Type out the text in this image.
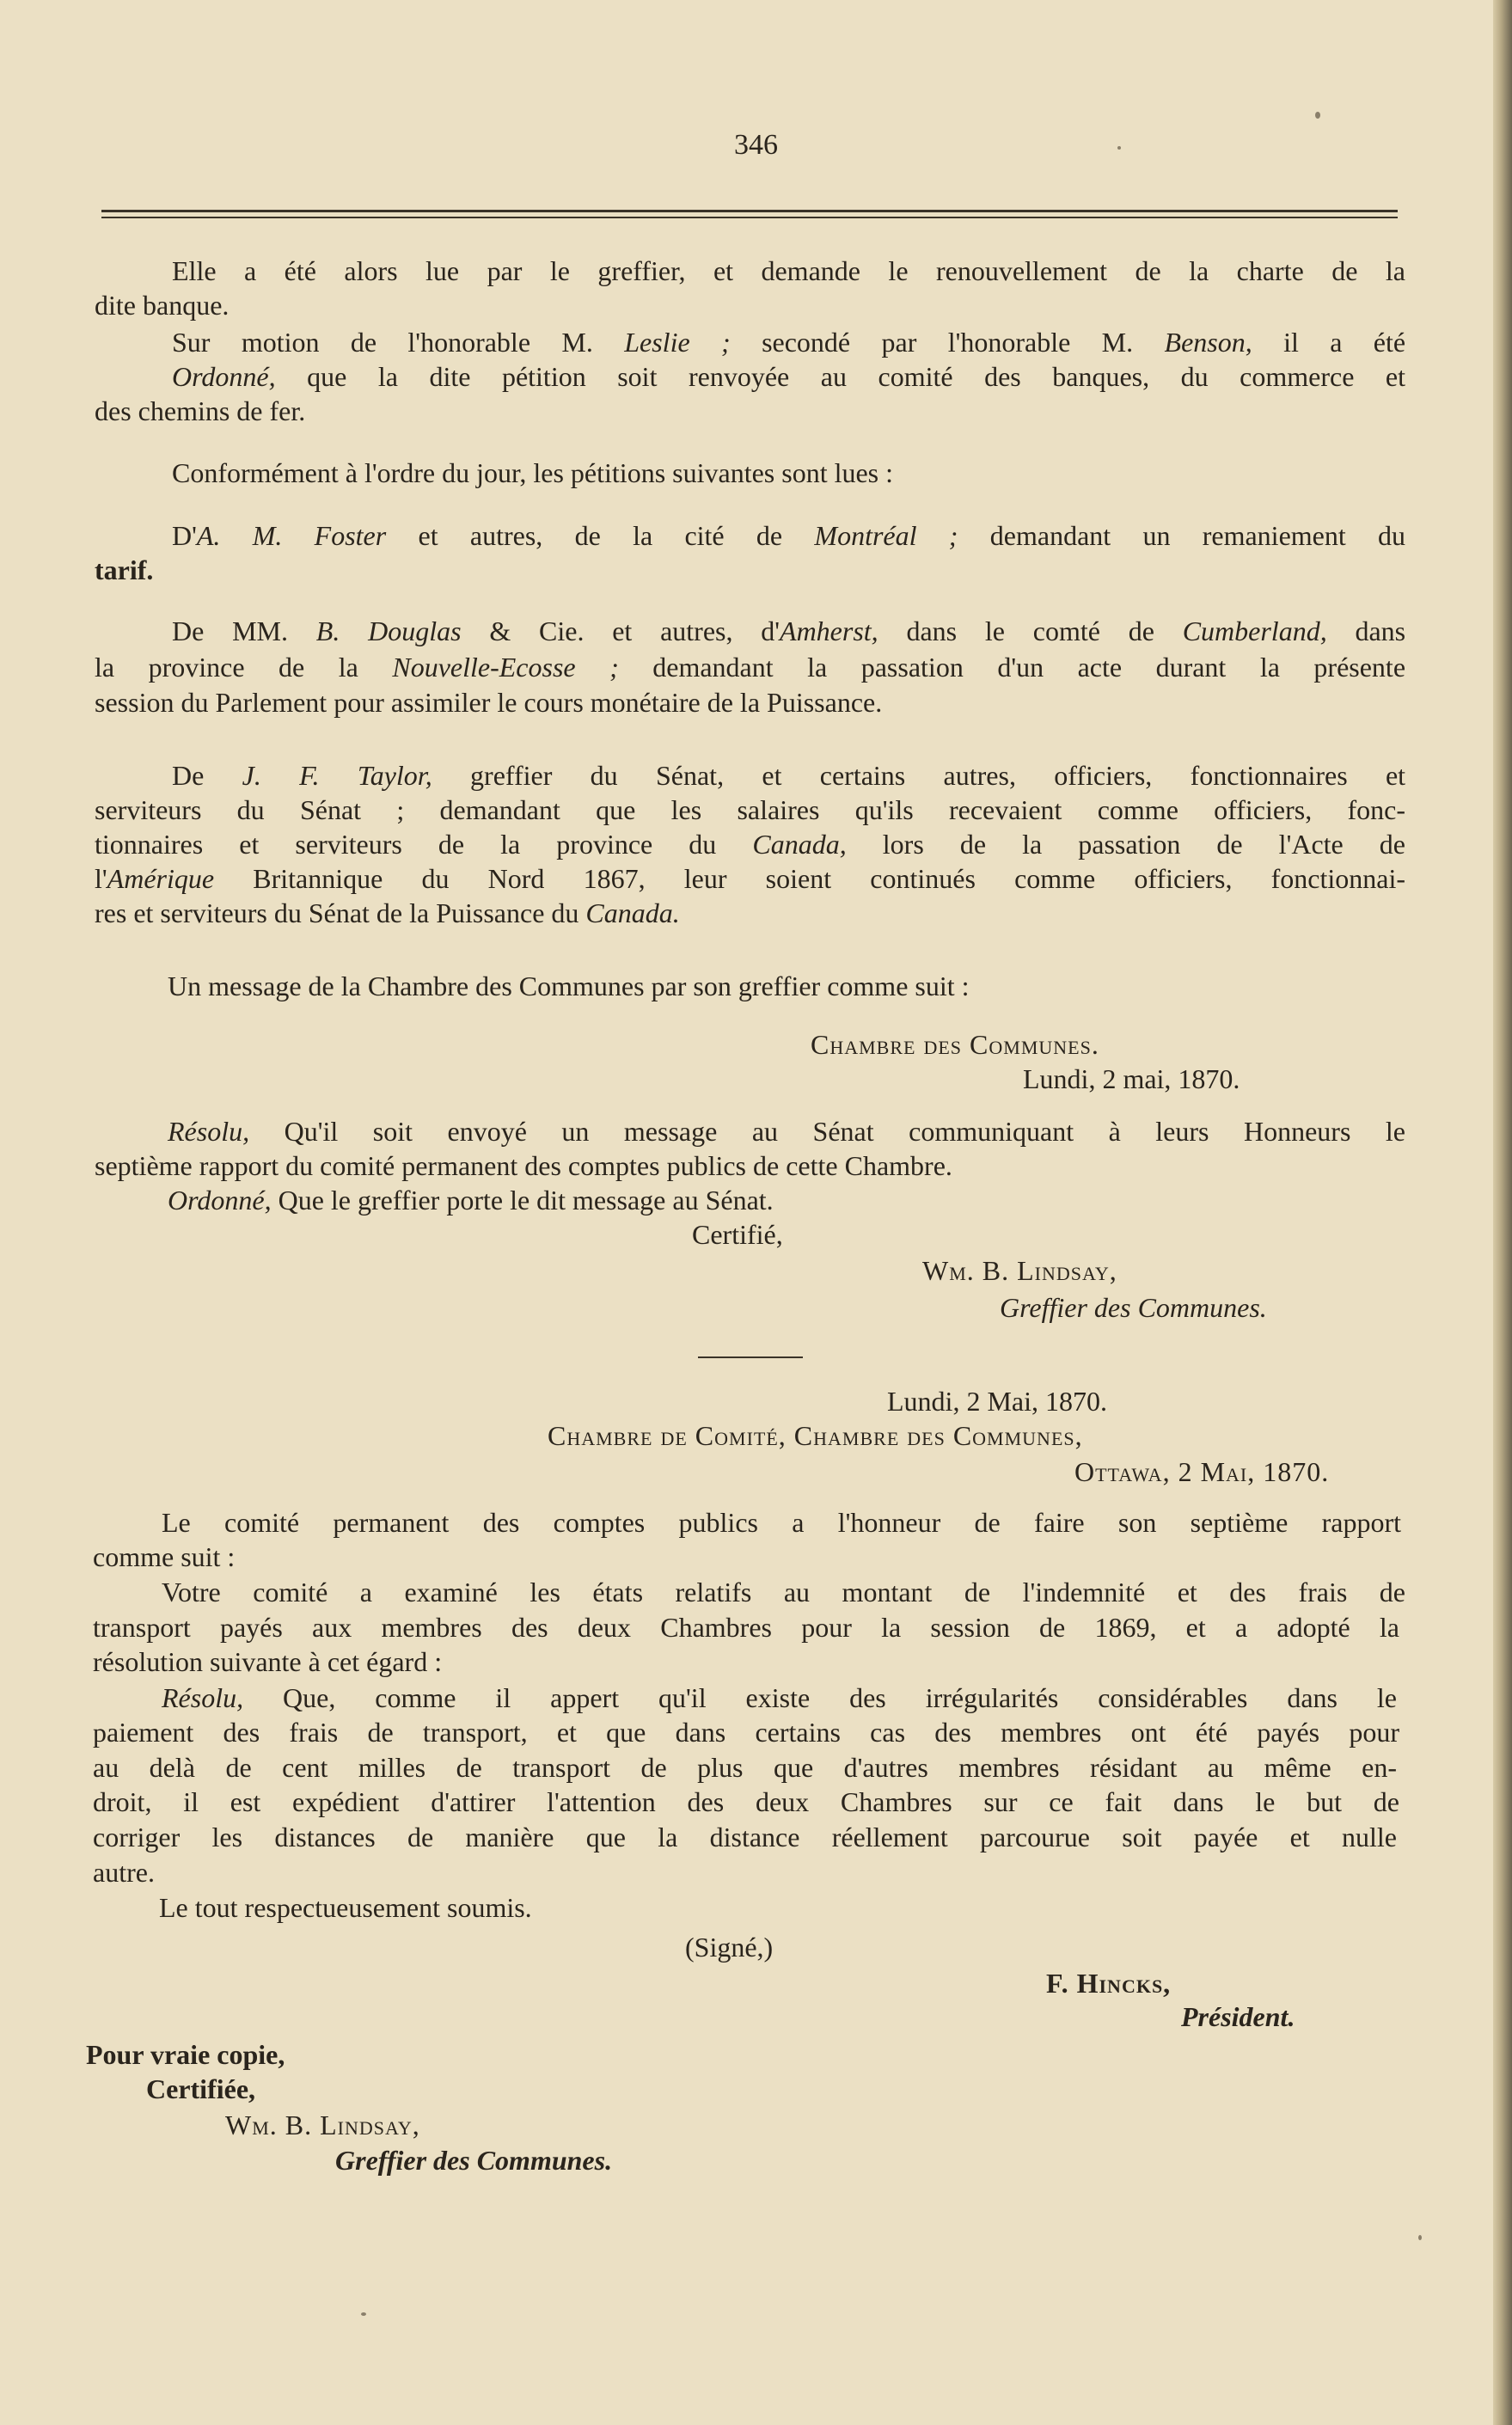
346
Elle a été alors lue par le greffier, et demande le renouvellement de la charte de la
dite banque.
Sur motion de l'honorable M. Leslie ; secondé par l'honorable M. Benson, il a été
Ordonné, que la dite pétition soit renvoyée au comité des banques, du commerce et
des chemins de fer.
Conformément à l'ordre du jour, les pétitions suivantes sont lues :
D'A. M. Foster et autres, de la cité de Montréal ; demandant un remaniement du
tarif.
De MM. B. Douglas & Cie. et autres, d'Amherst, dans le comté de Cumberland, dans
la province de la Nouvelle-Ecosse ; demandant la passation d'un acte durant la présente
session du Parlement pour assimiler le cours monétaire de la Puissance.
De J. F. Taylor, greffier du Sénat, et certains autres, officiers, fonctionnaires et
serviteurs du Sénat ; demandant que les salaires qu'ils recevaient comme officiers, fonc-
tionnaires et serviteurs de la province du Canada, lors de la passation de l'Acte de
l'Amérique Britannique du Nord 1867, leur soient continués comme officiers, fonctionnai-
res et serviteurs du Sénat de la Puissance du Canada.
Un message de la Chambre des Communes par son greffier comme suit :
Chambre des Communes.
Lundi, 2 mai, 1870.
Résolu, Qu'il soit envoyé un message au Sénat communiquant à leurs Honneurs le
septième rapport du comité permanent des comptes publics de cette Chambre.
Ordonné, Que le greffier porte le dit message au Sénat.
Certifié,
Wm. B. Lindsay,
Greffier des Communes.
Lundi, 2 Mai, 1870.
Chambre de Comité, Chambre des Communes,
Ottawa, 2 Mai, 1870.
Le comité permanent des comptes publics a l'honneur de faire son septième rapport
comme suit :
Votre comité a examiné les états relatifs au montant de l'indemnité et des frais de
transport payés aux membres des deux Chambres pour la session de 1869, et a adopté la
résolution suivante à cet égard :
Résolu, Que, comme il appert qu'il existe des irrégularités considérables dans le
paiement des frais de transport, et que dans certains cas des membres ont été payés pour
au delà de cent milles de transport de plus que d'autres membres résidant au même en-
droit, il est expédient d'attirer l'attention des deux Chambres sur ce fait dans le but de
corriger les distances de manière que la distance réellement parcourue soit payée et nulle
autre.
Le tout respectueusement soumis.
(Signé,)
F. Hincks,
Président.
Pour vraie copie,
Certifiée,
Wm. B. Lindsay,
Greffier des Communes.
